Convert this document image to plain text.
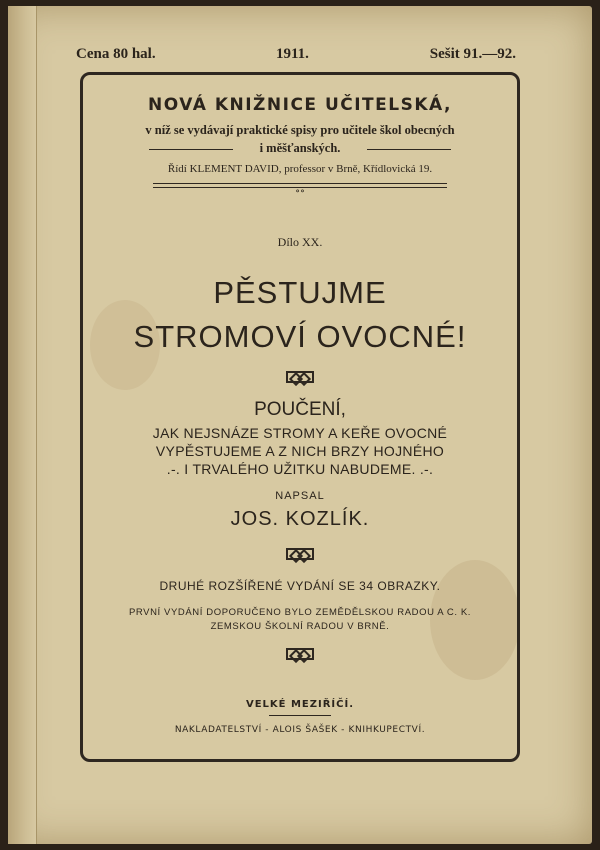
Cena 80 hal.	1911.	Sešit 91.—92.
NOVÁ KNIŽNICE UČITELSKÁ,
v níž se vydávají praktické spisy pro učitele škol obecných
i měšťanských.
Řídí KLEMENT DAVID, professor v Brně, Křídlovická 19.
∘∘
Dílo XX.
PĚSTUJME
STROMOVÍ OVOCNÉ!
POUČENÍ,
JAK NEJSNÁZE STROMY A KEŘE OVOCNÉ
VYPĚSTUJEME A Z NICH BRZY HOJNÉHO
.-. I TRVALÉHO UŽITKU NABUDEME. .-.
NAPSAL
JOS. KOZLÍK.
DRUHÉ ROZŠÍŘENÉ VYDÁNÍ SE 34 OBRAZKY.
PRVNÍ VYDÁNÍ DOPORUČENO BYLO ZEMĚDĚLSKOU RADOU A C. K.
ZEMSKOU ŠKOLNÍ RADOU V BRNĚ.
VELKÉ MEZIŘÍČÍ.
NAKLADATELSTVÍ - ALOIS ŠAŠEK - KNIHKUPECTVÍ.
